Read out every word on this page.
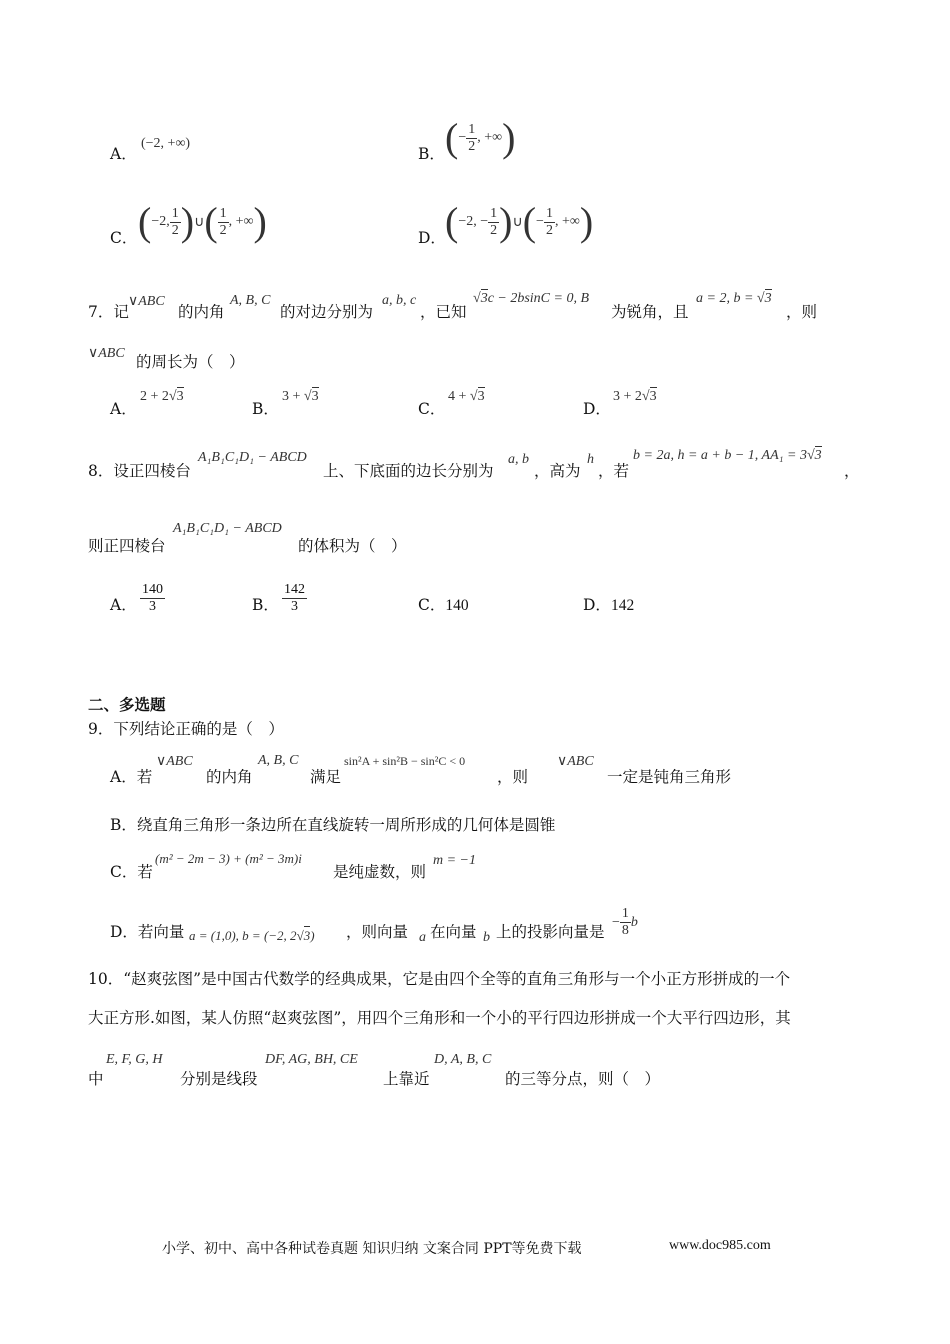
A．
(−2, +∞)
B． ( − $\frac{1}{2}$ , +∞ )
C． ( −2, $\frac{1}{2}$ ) ∪ ( $\frac{1}{2}$ , +∞ )	D． ( −2, − $\frac{1}{2}$ ) ∪ ( − $\frac{1}{2}$ , +∞ )
7．记
∨ABC
的内角
A, B, C
的对边分别为
a, b, c
，已知
√3c − 2bsinC = 0, B
为锐角，且
a = 2, b = √3
，则
∨ABC 的周长为（　）
A．
2 + 2√3
B．
3 + √3
C．
4 + √3
D．
3 + 2√3
8．设正四棱台
A₁B₁C₁D₁ − ABCD
上、下底面的边长分别为
a, b
，高为
h
，若
b = 2a, h = a + b − 1, AA₁ = 3√3
，
则正四棱台
A₁B₁C₁D₁ − ABCD
的体积为（　）
A． $\frac{140}{3}$	B． $\frac{142}{3}$	C．140	D．142
二、多选题
9．下列结论正确的是（　）
A．若
∨ABC
的内角
A, B, C
满足
sin²A + sin²B − sin²C < 0
，则
∨ABC
一定是钝角三角形
B．绕直角三角形一条边所在直线旋转一周所形成的几何体是圆锥
C．若
(m² − 2m − 3) + (m² − 3m)i
是纯虚数，则
m = −1
D．若向量 a = (1,0), b = (−2, 2√3) ，则向量 a 在向量 b 上的投影向量是
− $\frac{1}{8}$ b
10．“赵爽弦图”是中国古代数学的经典成果，它是由四个全等的直角三角形与一个小正方形拼成的一个
大正方形.如图，某人仿照“赵爽弦图”，用四个三角形和一个小的平行四边形拼成一个大平行四边形，其
中
E, F, G, H
分别是线段
DF, AG, BH, CE
上靠近
D, A, B, C
的三等分点，则（　）
小学、初中、高中各种试卷真题 知识归纳 文案合同 PPT等免费下载	www.doc985.com
